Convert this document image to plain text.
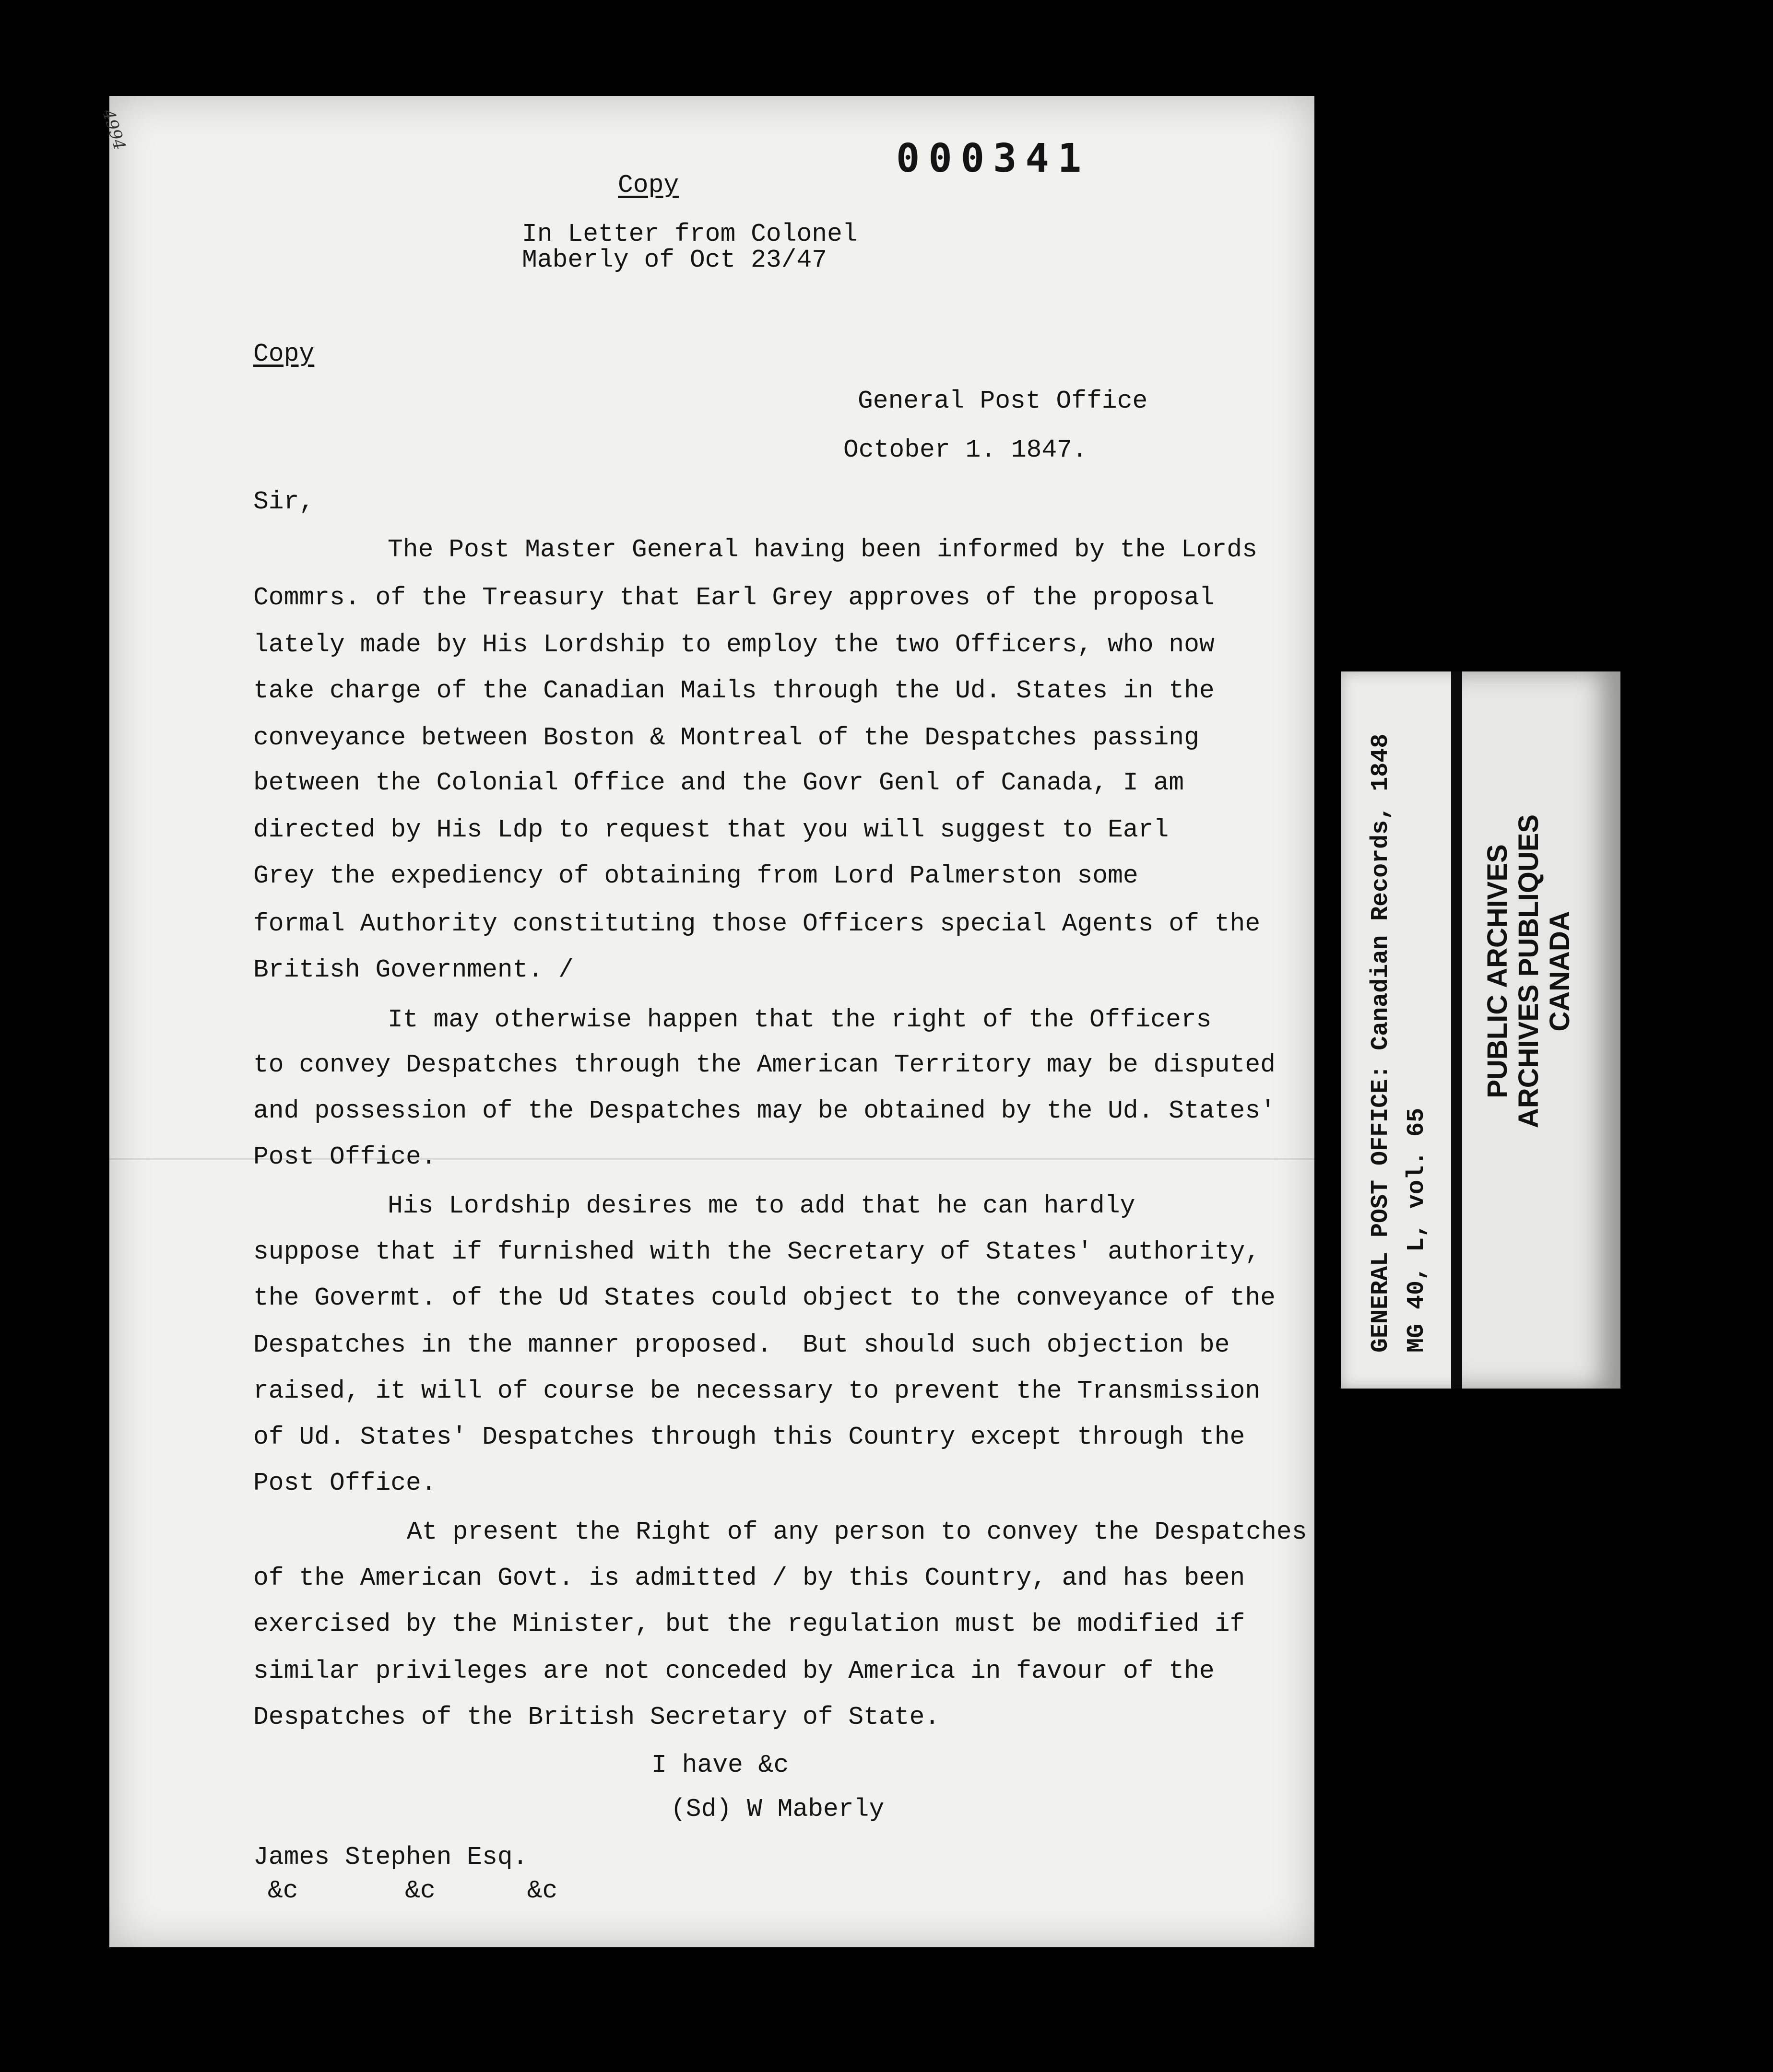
4994
000341
Copy
In Letter from Colonel
Maberly of Oct 23/47
Copy
General Post Office
October 1. 1847.
Sir,
The Post Master General having been informed by the Lords
Commrs. of the Treasury that Earl Grey approves of the proposal
lately made by His Lordship to employ the two Officers, who now
take charge of the Canadian Mails through the Ud. States in the
conveyance between Boston & Montreal of the Despatches passing
between the Colonial Office and the Govr Genl of Canada, I am
directed by His Ldp to request that you will suggest to Earl
Grey the expediency of obtaining from Lord Palmerston some
formal Authority constituting those Officers special Agents of the
British Government. /
It may otherwise happen that the right of the Officers
to convey Despatches through the American Territory may be disputed
and possession of the Despatches may be obtained by the Ud. States'
Post Office.
His Lordship desires me to add that he can hardly
suppose that if furnished with the Secretary of States' authority,
the Govermt. of the Ud States could object to the conveyance of the
Despatches in the manner proposed.  But should such objection be
raised, it will of course be necessary to prevent the Transmission
of Ud. States' Despatches through this Country except through the
Post Office.
At present the Right of any person to convey the Despatches
of the American Govt. is admitted / by this Country, and has been
exercised by the Minister, but the regulation must be modified if
similar privileges are not conceded by America in favour of the
Despatches of the British Secretary of State.
I have &c
(Sd) W Maberly
James Stephen Esq.
&c       &c      &c
GENERAL POST OFFICE: Canadian Records, 1848 MG 40, L, vol. 65
PUBLIC ARCHIVES ARCHIVES PUBLIQUES CANADA
